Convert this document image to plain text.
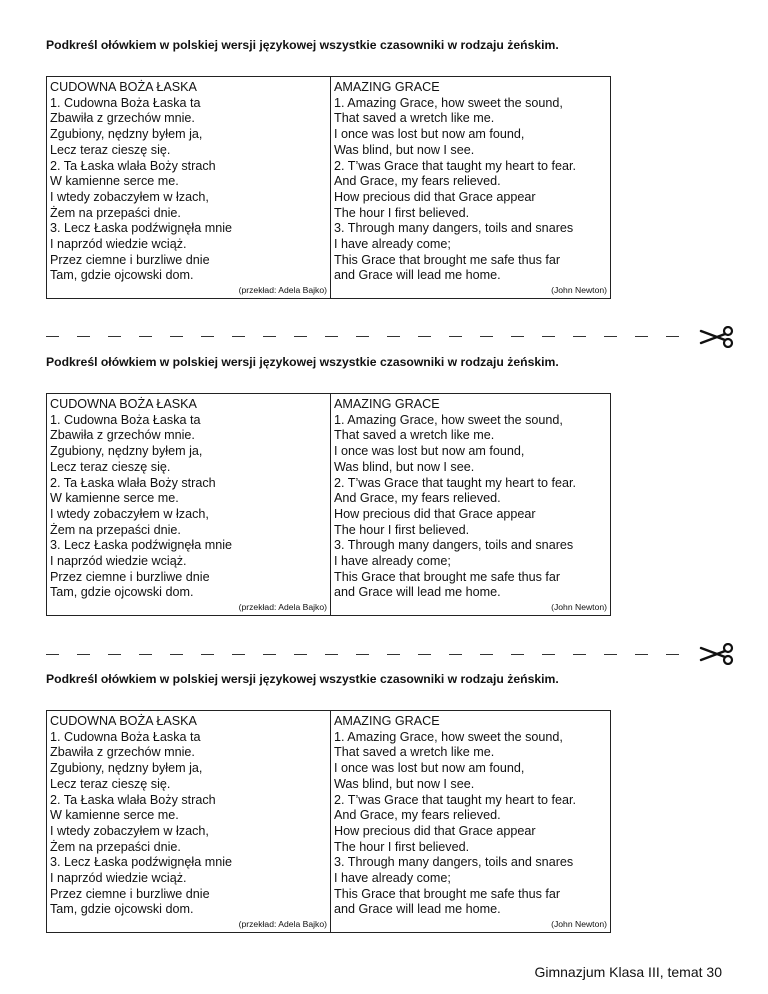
Podkreśl ołówkiem w polskiej wersji językowej wszystkie czasowniki w rodzaju żeńskim.
CUDOWNA BOŻA ŁASKA
1. Cudowna Boża Łaska ta
Zbawiła z grzechów mnie.
Zgubiony, nędzny byłem ja,
Lecz teraz cieszę się.
2. Ta Łaska wlała Boży strach
W kamienne serce me.
I wtedy zobaczyłem w łzach,
Żem na przepaści dnie.
3. Lecz Łaska podźwignęła mnie
I naprzód wiedzie wciąż.
Przez ciemne i burzliwe dnie
Tam, gdzie ojcowski dom.
(przekład: Adela Bajko)
AMAZING GRACE
1. Amazing Grace, how sweet the sound,
That saved a wretch like me.
I once was lost but now am found,
Was blind, but now I see.
2. T’was Grace that taught my heart to fear.
And Grace, my fears relieved.
How precious did that Grace appear
The hour I first believed.
3. Through many dangers, toils and snares
I have already come;
This Grace that brought me safe thus far
and Grace will lead me home.
(John Newton)
Podkreśl ołówkiem w polskiej wersji językowej wszystkie czasowniki w rodzaju żeńskim.
CUDOWNA BOŻA ŁASKA
1. Cudowna Boża Łaska ta
Zbawiła z grzechów mnie.
Zgubiony, nędzny byłem ja,
Lecz teraz cieszę się.
2. Ta Łaska wlała Boży strach
W kamienne serce me.
I wtedy zobaczyłem w łzach,
Żem na przepaści dnie.
3. Lecz Łaska podźwignęła mnie
I naprzód wiedzie wciąż.
Przez ciemne i burzliwe dnie
Tam, gdzie ojcowski dom.
(przekład: Adela Bajko)
AMAZING GRACE
1. Amazing Grace, how sweet the sound,
That saved a wretch like me.
I once was lost but now am found,
Was blind, but now I see.
2. T’was Grace that taught my heart to fear.
And Grace, my fears relieved.
How precious did that Grace appear
The hour I first believed.
3. Through many dangers, toils and snares
I have already come;
This Grace that brought me safe thus far
and Grace will lead me home.
(John Newton)
Podkreśl ołówkiem w polskiej wersji językowej wszystkie czasowniki w rodzaju żeńskim.
CUDOWNA BOŻA ŁASKA
1. Cudowna Boża Łaska ta
Zbawiła z grzechów mnie.
Zgubiony, nędzny byłem ja,
Lecz teraz cieszę się.
2. Ta Łaska wlała Boży strach
W kamienne serce me.
I wtedy zobaczyłem w łzach,
Żem na przepaści dnie.
3. Lecz Łaska podźwignęła mnie
I naprzód wiedzie wciąż.
Przez ciemne i burzliwe dnie
Tam, gdzie ojcowski dom.
(przekład: Adela Bajko)
AMAZING GRACE
1. Amazing Grace, how sweet the sound,
That saved a wretch like me.
I once was lost but now am found,
Was blind, but now I see.
2. T’was Grace that taught my heart to fear.
And Grace, my fears relieved.
How precious did that Grace appear
The hour I first believed.
3. Through many dangers, toils and snares
I have already come;
This Grace that brought me safe thus far
and Grace will lead me home.
(John Newton)
Gimnazjum Klasa III, temat 30
